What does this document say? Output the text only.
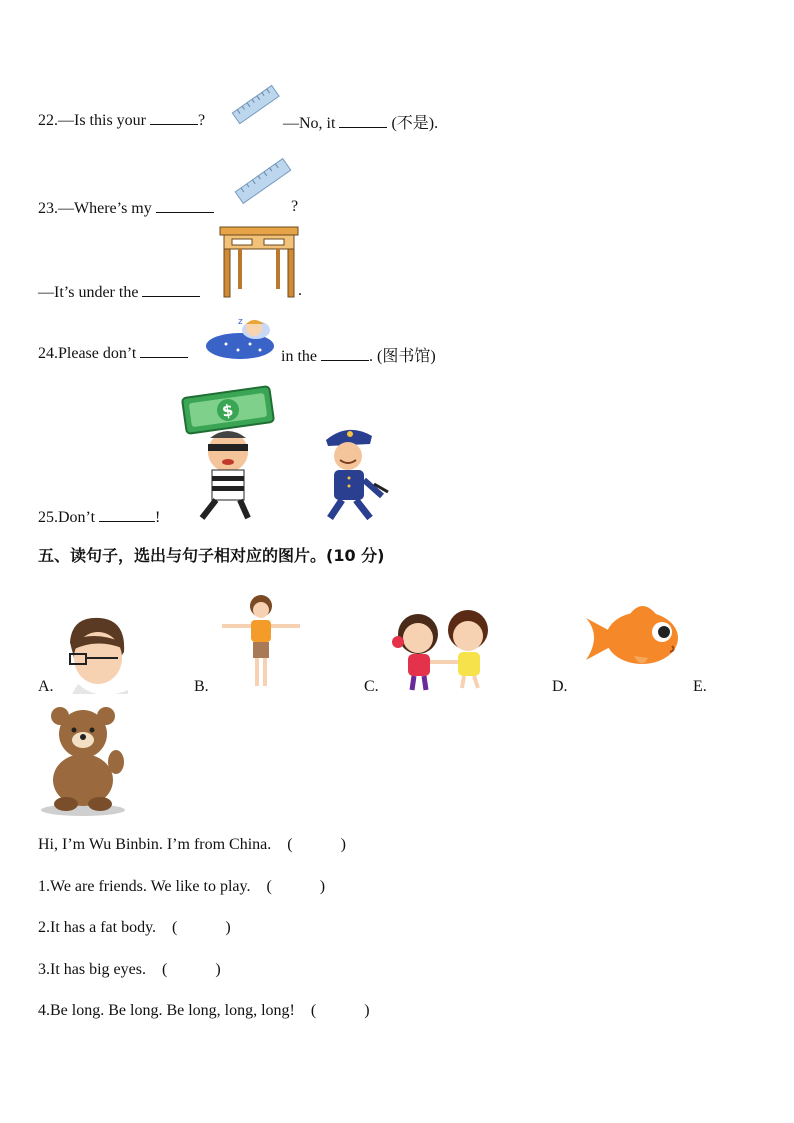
22.—Is this your	?	—No, it	(不是).
23.—Where’s my	?
—It’s under the	.
24.Please don’t
z
in the	. (图书馆)
$
25.Don’t	!
五、读句子，选出与句子相对应的图片。(10 分)
A.	B.	C.	D.	E.
Hi, I’m Wu Binbin. I’m from China. (	)
1.We are friends. We like to play. (	)
2.It has a fat body. (	)
3.It has big eyes. (	)
4.Be long. Be long. Be long, long, long! (	)
